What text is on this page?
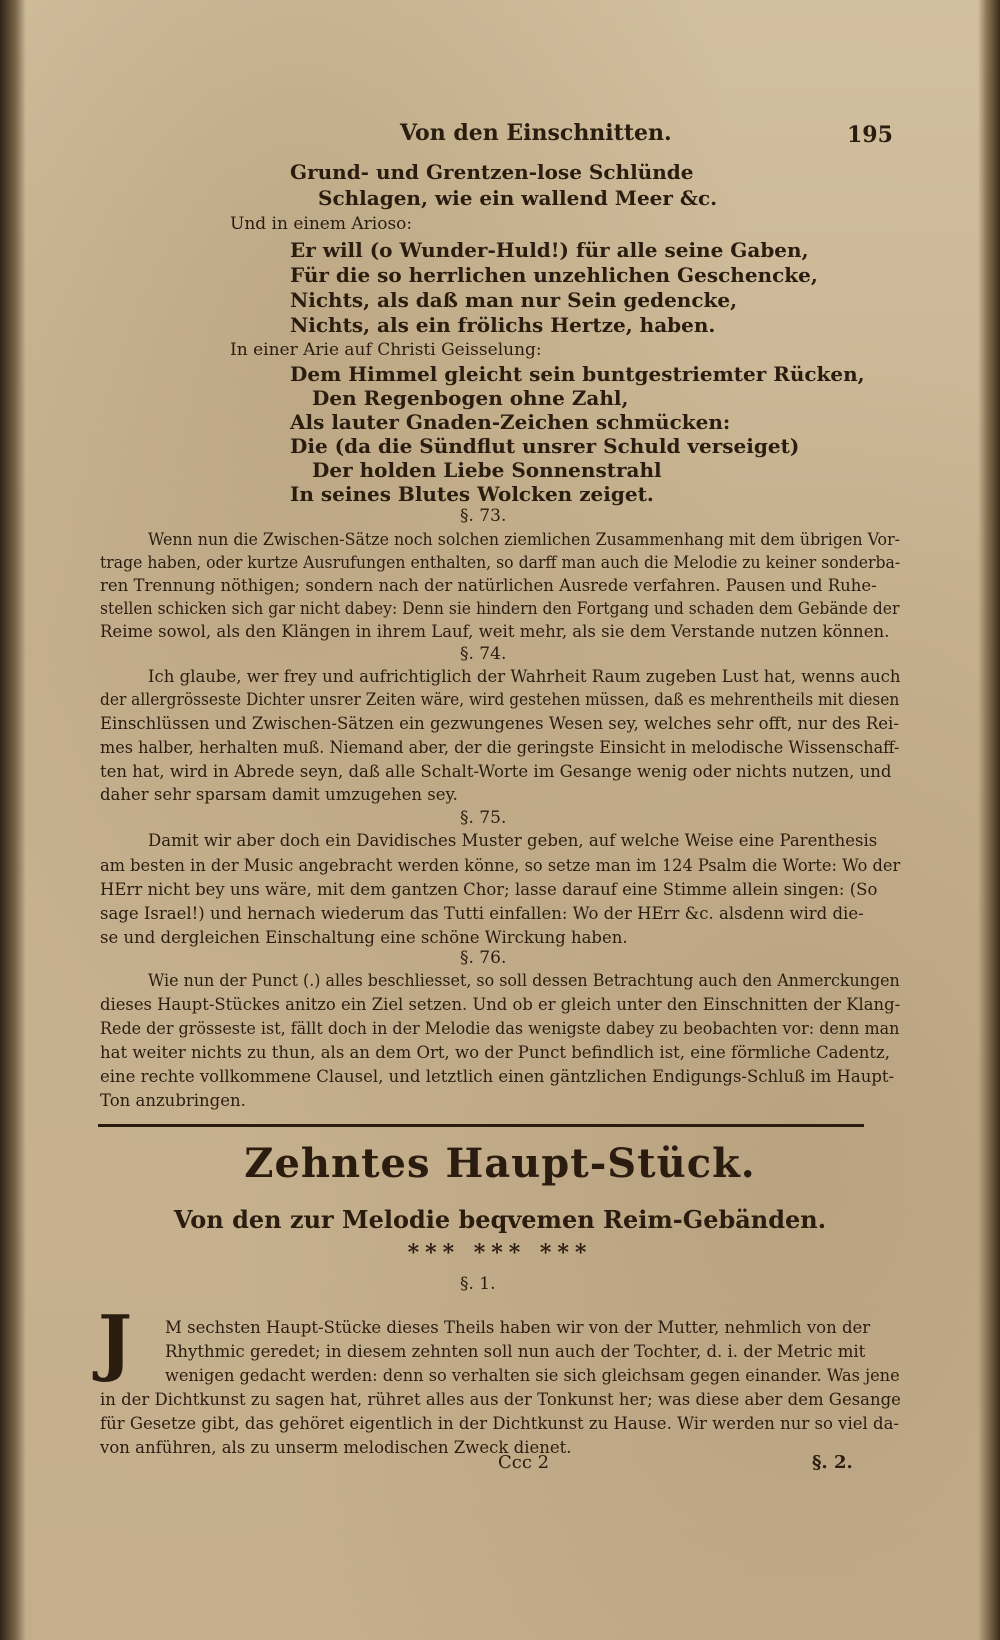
Von den Einschnitten.	195
Grund- und Grentzen-lose Schlünde
Schlagen, wie ein wallend Meer &c.
Und in einem Arioso:
Er will (o Wunder-Huld!) für alle seine Gaben,
Für die so herrlichen unzehlichen Geschencke,
Nichts, als daß man nur Sein gedencke,
Nichts, als ein frölichs Hertze, haben.
In einer Arie auf Christi Geisselung:
Dem Himmel gleicht sein buntgestriemter Rücken,
Den Regenbogen ohne Zahl,
Als lauter Gnaden-Zeichen schmücken:
Die (da die Sündflut unsrer Schuld verseiget)
Der holden Liebe Sonnenstrahl
In seines Blutes Wolcken zeiget.
§. 73.
Wenn nun die Zwischen-Sätze noch solchen ziemlichen Zusammenhang mit dem übrigen Vor-
trage haben, oder kurtze Ausrufungen enthalten, so darff man auch die Melodie zu keiner sonderba-
ren Trennung nöthigen; sondern nach der natürlichen Ausrede verfahren. Pausen und Ruhe-
stellen schicken sich gar nicht dabey: Denn sie hindern den Fortgang und schaden dem Gebände der
Reime sowol, als den Klängen in ihrem Lauf, weit mehr, als sie dem Verstande nutzen können.
§. 74.
Ich glaube, wer frey und aufrichtiglich der Wahrheit Raum zugeben Lust hat, wenns auch
der allergrösseste Dichter unsrer Zeiten wäre, wird gestehen müssen, daß es mehrentheils mit diesen
Einschlüssen und Zwischen-Sätzen ein gezwungenes Wesen sey, welches sehr offt, nur des Rei-
mes halber, herhalten muß. Niemand aber, der die geringste Einsicht in melodische Wissenschaff-
ten hat, wird in Abrede seyn, daß alle Schalt-Worte im Gesange wenig oder nichts nutzen, und
daher sehr sparsam damit umzugehen sey.
§. 75.
Damit wir aber doch ein Davidisches Muster geben, auf welche Weise eine Parenthesis
am besten in der Music angebracht werden könne, so setze man im 124 Psalm die Worte: Wo der
HErr nicht bey uns wäre, mit dem gantzen Chor; lasse darauf eine Stimme allein singen: (So
sage Israel!) und hernach wiederum das Tutti einfallen: Wo der HErr &c. alsdenn wird die-
se und dergleichen Einschaltung eine schöne Wirckung haben.
§. 76.
Wie nun der Punct (.) alles beschliesset, so soll dessen Betrachtung auch den Anmerckungen
dieses Haupt-Stückes anitzo ein Ziel setzen. Und ob er gleich unter den Einschnitten der Klang-
Rede der grösseste ist, fällt doch in der Melodie das wenigste dabey zu beobachten vor: denn man
hat weiter nichts zu thun, als an dem Ort, wo der Punct befindlich ist, eine förmliche Cadentz,
eine rechte vollkommene Clausel, und letztlich einen gäntzlichen Endigungs-Schluß im Haupt-
Ton anzubringen.
Zehntes Haupt-Stück.
Von den zur Melodie beqvemen Reim-Gebänden.
*** *** ***
§. 1.
J	M sechsten Haupt-Stücke dieses Theils haben wir von der Mutter, nehmlich von der
Rhythmic geredet; in diesem zehnten soll nun auch der Tochter, d. i. der Metric mit
wenigen gedacht werden: denn so verhalten sie sich gleichsam gegen einander. Was jene
in der Dichtkunst zu sagen hat, rühret alles aus der Tonkunst her; was diese aber dem Gesange
für Gesetze gibt, das gehöret eigentlich in der Dichtkunst zu Hause. Wir werden nur so viel da-
von anführen, als zu unserm melodischen Zweck dienet.
Ccc 2	§. 2.
